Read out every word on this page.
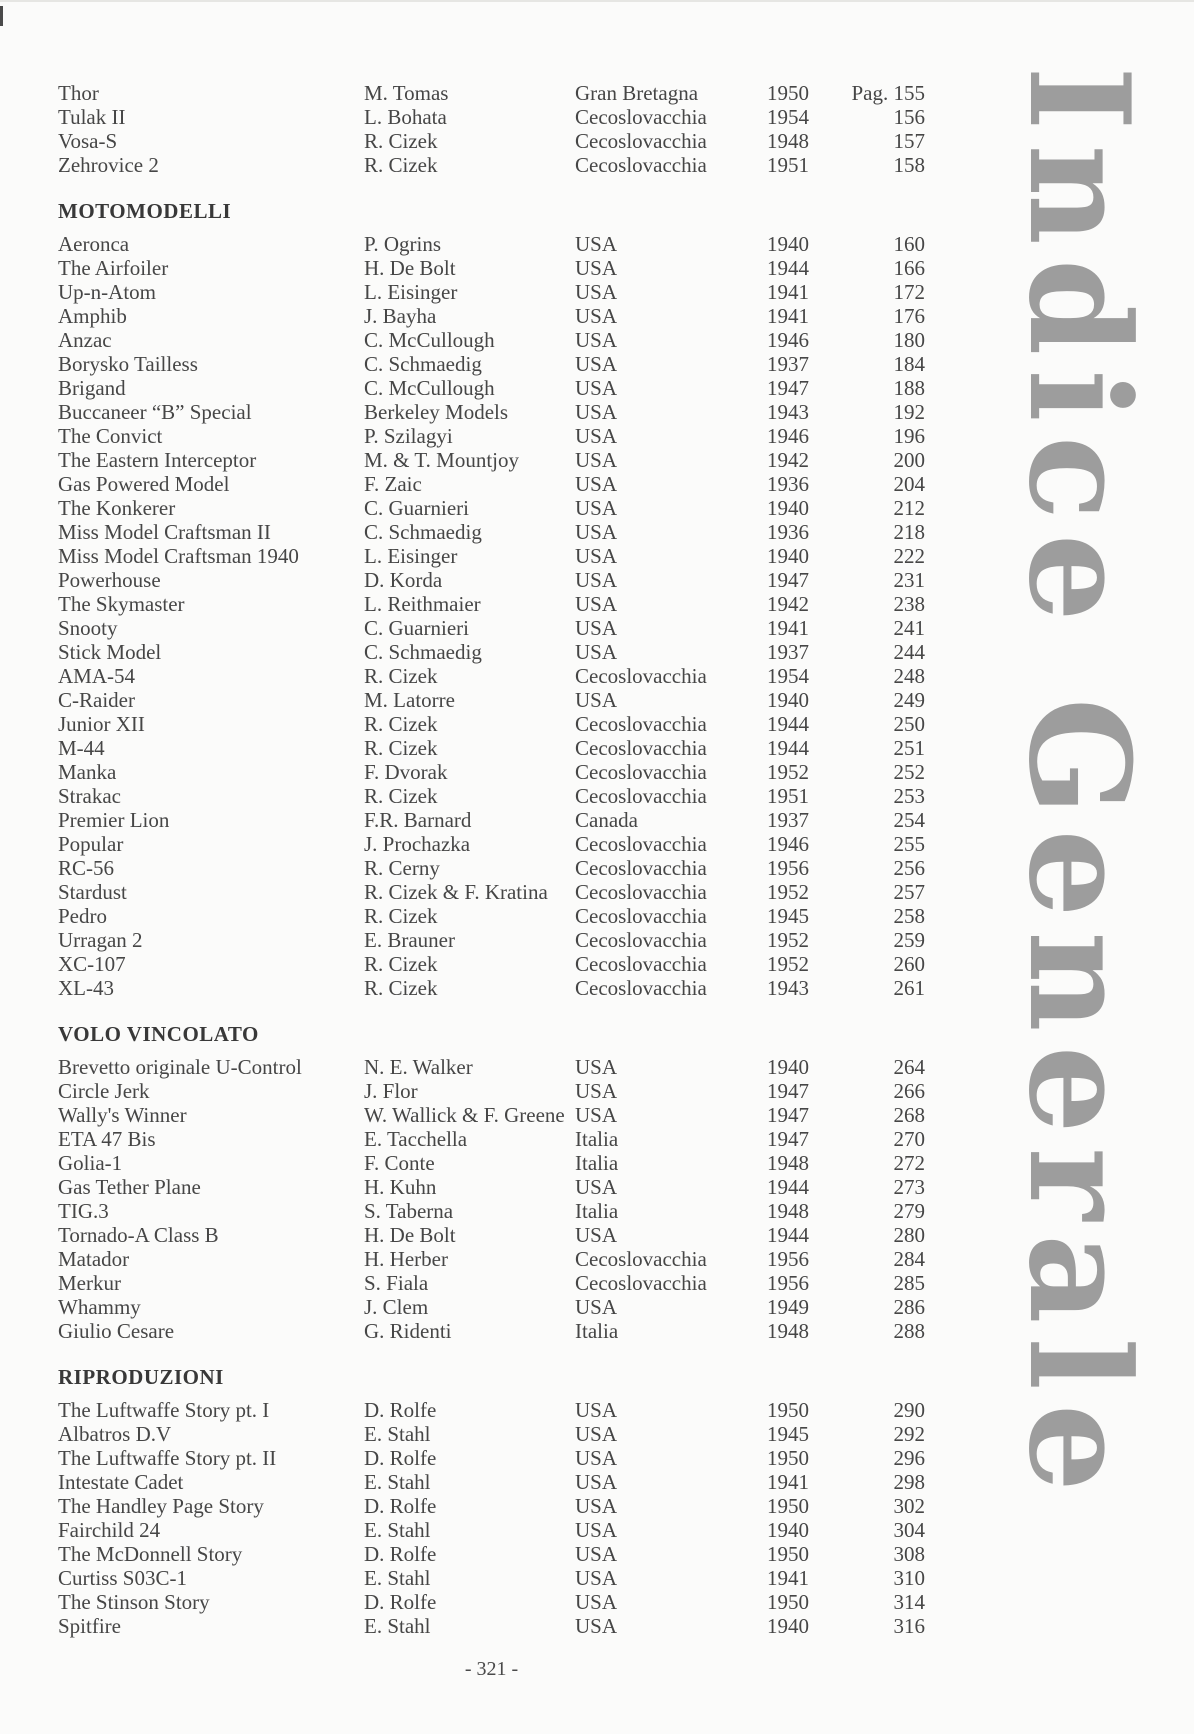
Thor	M. Tomas	Gran Bretagna	1950	Pag. 155
Tulak II	L. Bohata	Cecoslovacchia	1954	156
Vosa-S	R. Cizek	Cecoslovacchia	1948	157
Zehrovice 2	R. Cizek	Cecoslovacchia	1951	158
MOTOMODELLI
Aeronca	P. Ogrins	USA	1940	160
The Airfoiler	H. De Bolt	USA	1944	166
Up-n-Atom	L. Eisinger	USA	1941	172
Amphib	J. Bayha	USA	1941	176
Anzac	C. McCullough	USA	1946	180
Borysko Tailless	C. Schmaedig	USA	1937	184
Brigand	C. McCullough	USA	1947	188
Buccaneer “B” Special	Berkeley Models	USA	1943	192
The Convict	P. Szilagyi	USA	1946	196
The Eastern Interceptor	M. & T. Mountjoy	USA	1942	200
Gas Powered Model	F. Zaic	USA	1936	204
The Konkerer	C. Guarnieri	USA	1940	212
Miss Model Craftsman II	C. Schmaedig	USA	1936	218
Miss Model Craftsman 1940	L. Eisinger	USA	1940	222
Powerhouse	D. Korda	USA	1947	231
The Skymaster	L. Reithmaier	USA	1942	238
Snooty	C. Guarnieri	USA	1941	241
Stick Model	C. Schmaedig	USA	1937	244
AMA-54	R. Cizek	Cecoslovacchia	1954	248
C-Raider	M. Latorre	USA	1940	249
Junior XII	R. Cizek	Cecoslovacchia	1944	250
M-44	R. Cizek	Cecoslovacchia	1944	251
Manka	F. Dvorak	Cecoslovacchia	1952	252
Strakac	R. Cizek	Cecoslovacchia	1951	253
Premier Lion	F.R. Barnard	Canada	1937	254
Popular	J. Prochazka	Cecoslovacchia	1946	255
RC-56	R. Cerny	Cecoslovacchia	1956	256
Stardust	R. Cizek & F. Kratina	Cecoslovacchia	1952	257
Pedro	R. Cizek	Cecoslovacchia	1945	258
Urragan 2	E. Brauner	Cecoslovacchia	1952	259
XC-107	R. Cizek	Cecoslovacchia	1952	260
XL-43	R. Cizek	Cecoslovacchia	1943	261
VOLO VINCOLATO
Brevetto originale U-Control	N. E. Walker	USA	1940	264
Circle Jerk	J. Flor	USA	1947	266
Wally's Winner	W. Wallick & F. Greene USA	1947	268
ETA 47 Bis	E. Tacchella	Italia	1947	270
Golia-1	F. Conte	Italia	1948	272
Gas Tether Plane	H. Kuhn	USA	1944	273
TIG.3	S. Taberna	Italia	1948	279
Tornado-A Class B	H. De Bolt	USA	1944	280
Matador	H. Herber	Cecoslovacchia	1956	284
Merkur	S. Fiala	Cecoslovacchia	1956	285
Whammy	J. Clem	USA	1949	286
Giulio Cesare	G. Ridenti	Italia	1948	288
RIPRODUZIONI
The Luftwaffe Story pt. I	D. Rolfe	USA	1950	290
Albatros D.V	E. Stahl	USA	1945	292
The Luftwaffe Story pt. II	D. Rolfe	USA	1950	296
Intestate Cadet	E. Stahl	USA	1941	298
The Handley Page Story	D. Rolfe	USA	1950	302
Fairchild 24	E. Stahl	USA	1940	304
The McDonnell Story	D. Rolfe	USA	1950	308
Curtiss S03C-1	E. Stahl	USA	1941	310
The Stinson Story	D. Rolfe	USA	1950	314
Spitfire	E. Stahl	USA	1940	316
Indice Generale
- 321 -
